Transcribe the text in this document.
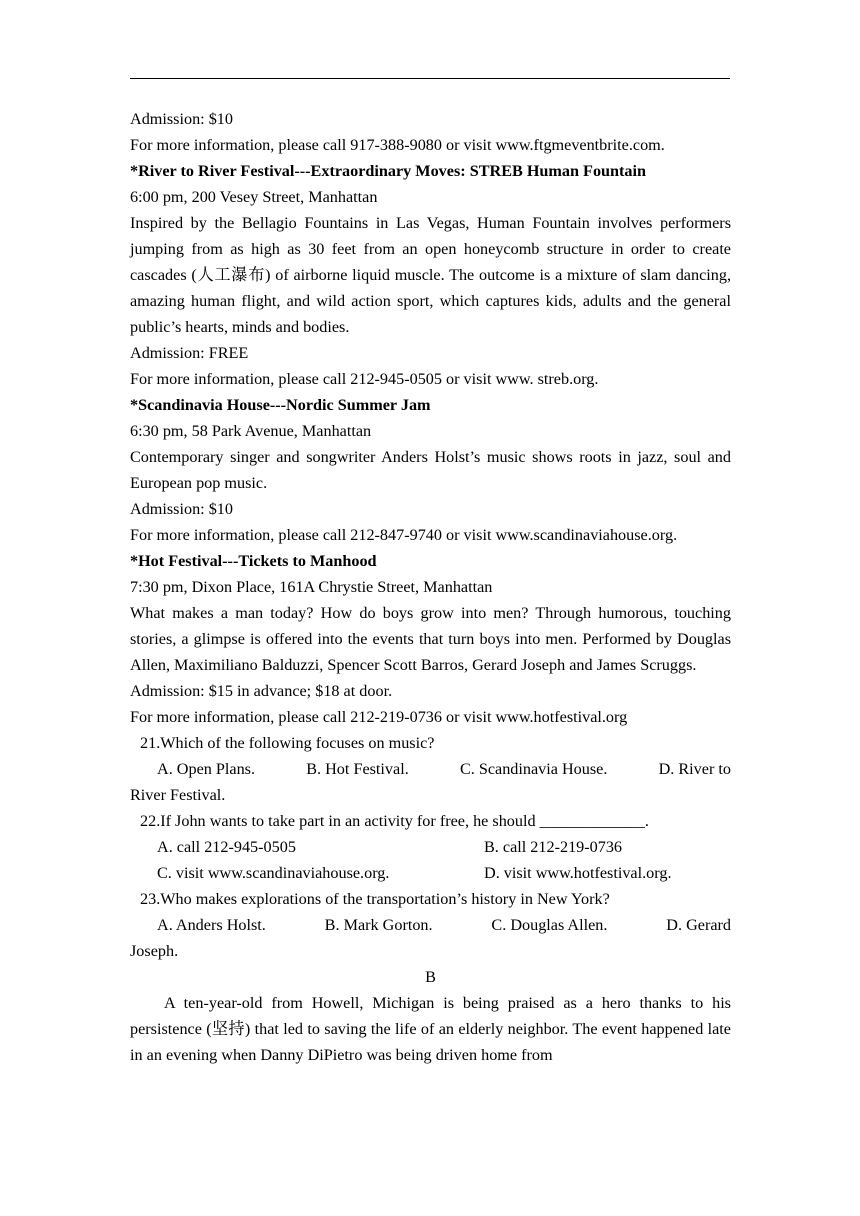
Admission: $10
For more information, please call 917-388-9080 or visit www.ftgmeventbrite.com.
*River to River Festival---Extraordinary Moves: STREB Human Fountain
6:00 pm, 200 Vesey Street, Manhattan
Inspired by the Bellagio Fountains in Las Vegas, Human Fountain involves performers jumping from as high as 30 feet from an open honeycomb structure in order to create cascades (人工瀑布) of airborne liquid muscle. The outcome is a mixture of slam dancing, amazing human flight, and wild action sport, which captures kids, adults and the general public’s hearts, minds and bodies.
Admission: FREE
For more information, please call 212-945-0505 or visit www. streb.org.
*Scandinavia House---Nordic Summer Jam
6:30 pm, 58 Park Avenue, Manhattan
Contemporary singer and songwriter Anders Holst’s music shows roots in jazz, soul and European pop music.
Admission: $10
For more information, please call 212-847-9740 or visit www.scandinaviahouse.org.
*Hot Festival---Tickets to Manhood
7:30 pm, Dixon Place, 161A Chrystie Street, Manhattan
What makes a man today? How do boys grow into men? Through humorous, touching stories, a glimpse is offered into the events that turn boys into men. Performed by Douglas Allen, Maximiliano Balduzzi, Spencer Scott Barros, Gerard Joseph and James Scruggs.
Admission: $15 in advance; $18 at door.
For more information, please call 212-219-0736 or visit www.hotfestival.org
21.Which of the following focuses on music?
A. Open Plans.	B. Hot Festival.	C. Scandinavia House.	D. River to
River Festival.
22.If John wants to take part in an activity for free, he should _____________.
A. call 212-945-0505	B. call 212-219-0736
C. visit www.scandinaviahouse.org.	D. visit www.hotfestival.org.
23.Who makes explorations of the transportation’s history in New York?
A. Anders Holst.	B. Mark Gorton.	C. Douglas Allen.	D. Gerard
Joseph.
B
A ten-year-old from Howell, Michigan is being praised as a hero thanks to his persistence (坚持) that led to saving the life of an elderly neighbor. The event happened late in an evening when Danny DiPietro was being driven home from
